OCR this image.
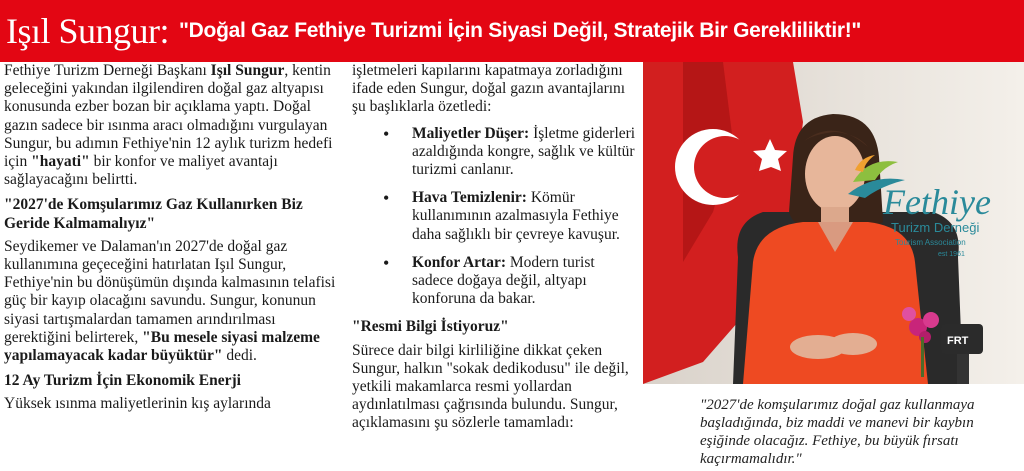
Işıl Sungur: "Doğal Gaz Fethiye Turizmi İçin Siyasi Değil, Stratejik Bir Gerekliliktir!"

Fethiye Turizm Derneği Başkanı Işıl Sungur, kentin geleceğini yakından ilgilendiren doğal gaz altyapısı konusunda ezber bozan bir açıklama yaptı. Doğal gazın sadece bir ısınma aracı olmadığını vurgulayan Sungur, bu adımın Fethiye'nin 12 aylık turizm hedefi için "hayati" bir konfor ve maliyet avantajı sağlayacağını belirtti.

"2027'de Komşularımız Gaz Kullanırken Biz Geride Kalmamalıyız"

Seydikemer ve Dalaman'ın 2027'de doğal gaz kullanımına geçeceğini hatırlatan Işıl Sungur, Fethiye'nin bu dönüşümün dışında kalmasının telafisi güç bir kayıp olacağını savundu. Sungur, konunun siyasi tartışmalardan tamamen arındırılması gerektiğini belirterek, "Bu mesele siyasi malzeme yapılamayacak kadar büyüktür" dedi.

12 Ay Turizm İçin Ekonomik Enerji

Yüksek ısınma maliyetlerinin kış aylarında

işletmeleri kapılarını kapatmaya zorladığını ifade eden Sungur, doğal gazın avantajlarını şu başlıklarla özetledi:

• Maliyetler Düşer: İşletme giderleri azaldığında kongre, sağlık ve kültür turizmi canlanır.
• Hava Temizlenir: Kömür kullanımının azalmasıyla Fethiye daha sağlıklı bir çevreye kavuşur.
• Konfor Artar: Modern turist sadece doğaya değil, altyapı konforuna da bakar.
"Resmi Bilgi İstiyoruz"

Sürece dair bilgi kirliliğine dikkat çeken Sungur, halkın "sokak dedikodusu" ile değil, yetkili makamlarca resmi yollardan aydınlatılması çağrısında bulundu. Sungur, açıklamasını şu sözlerle tamamladı:

Fethiye
Turizm Derneği
Tourism Association
est 1961
FRT
"2027'de komşularımız doğal gaz kullanmaya başladığında, biz maddi ve manevi bir kaybın eşiğinde olacağız. Fethiye, bu büyük fırsatı kaçırmamalıdır."
